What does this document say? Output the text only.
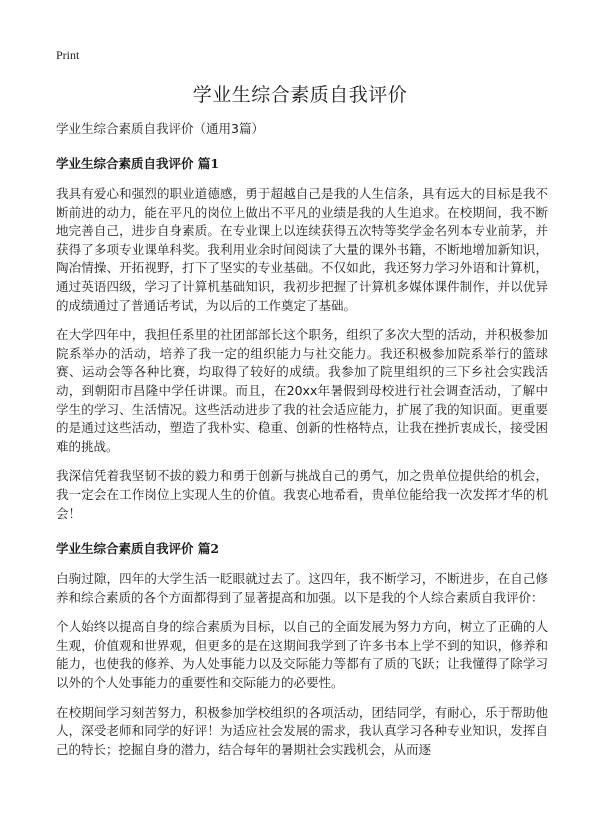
Print
学业生综合素质自我评价

学业生综合素质自我评价（通用3篇）

学业生综合素质自我评价 篇1

我具有爱心和强烈的职业道德感，勇于超越自己是我的人生信条，具有远大的目标是我不断前进的动力，能在平凡的岗位上做出不平凡的业绩是我的人生追求。在校期间，我不断地完善自己，进步自身素质。在专业课上以连续获得五次特等奖学金名列本专业前茅，并获得了多项专业课单科奖。我利用业余时间阅读了大量的课外书籍，不断地增加新知识，陶冶情操、开拓视野，打下了坚实的专业基础。不仅如此，我还努力学习外语和计算机，通过英语四级，学习了计算机基础知识，我初步把握了计算机多媒体课件制作，并以优异的成绩通过了普通话考试，为以后的工作奠定了基础。

在大学四年中，我担任系里的社团部部长这个职务，组织了多次大型的活动，并积极参加院系举办的活动，培养了我一定的组织能力与社交能力。我还积极参加院系举行的篮球赛、运动会等各种比赛，均取得了较好的成绩。我参加了院里组织的三下乡社会实践活动，到朝阳市昌隆中学任讲课。而且，在20xx年暑假到母校进行社会调查活动，了解中学生的学习、生活情况。这些活动进步了我的社会适应能力，扩展了我的知识面。更重要的是通过这些活动，塑造了我朴实、稳重、创新的性格特点，让我在挫折衷成长，接受困难的挑战。

我深信凭着我坚韧不拔的毅力和勇于创新与挑战自己的勇气，加之贵单位提供给的机会，我一定会在工作岗位上实现人生的价值。我衷心地希看，贵单位能给我一次发挥才华的机会！

学业生综合素质自我评价 篇2

白驹过隙，四年的大学生活一眨眼就过去了。这四年，我不断学习，不断进步，在自己修养和综合素质的各个方面都得到了显著提高和加强。以下是我的个人综合素质自我评价：

个人始终以提高自身的综合素质为目标，以自己的全面发展为努力方向，树立了正确的人生观，价值观和世界观，但更多的是在这期间我学到了许多书本上学不到的知识，修养和能力，也使我的修养、为人处事能力以及交际能力等都有了质的飞跃；让我懂得了除学习以外的个人处事能力的重要性和交际能力的必要性。

在校期间学习刻苦努力，积极参加学校组织的各项活动，团结同学，有耐心，乐于帮助他人，深受老师和同学的好评！为适应社会发展的需求，我认真学习各种专业知识，发挥自己的特长；挖掘自身的潜力，结合每年的暑期社会实践机会，从而逐
